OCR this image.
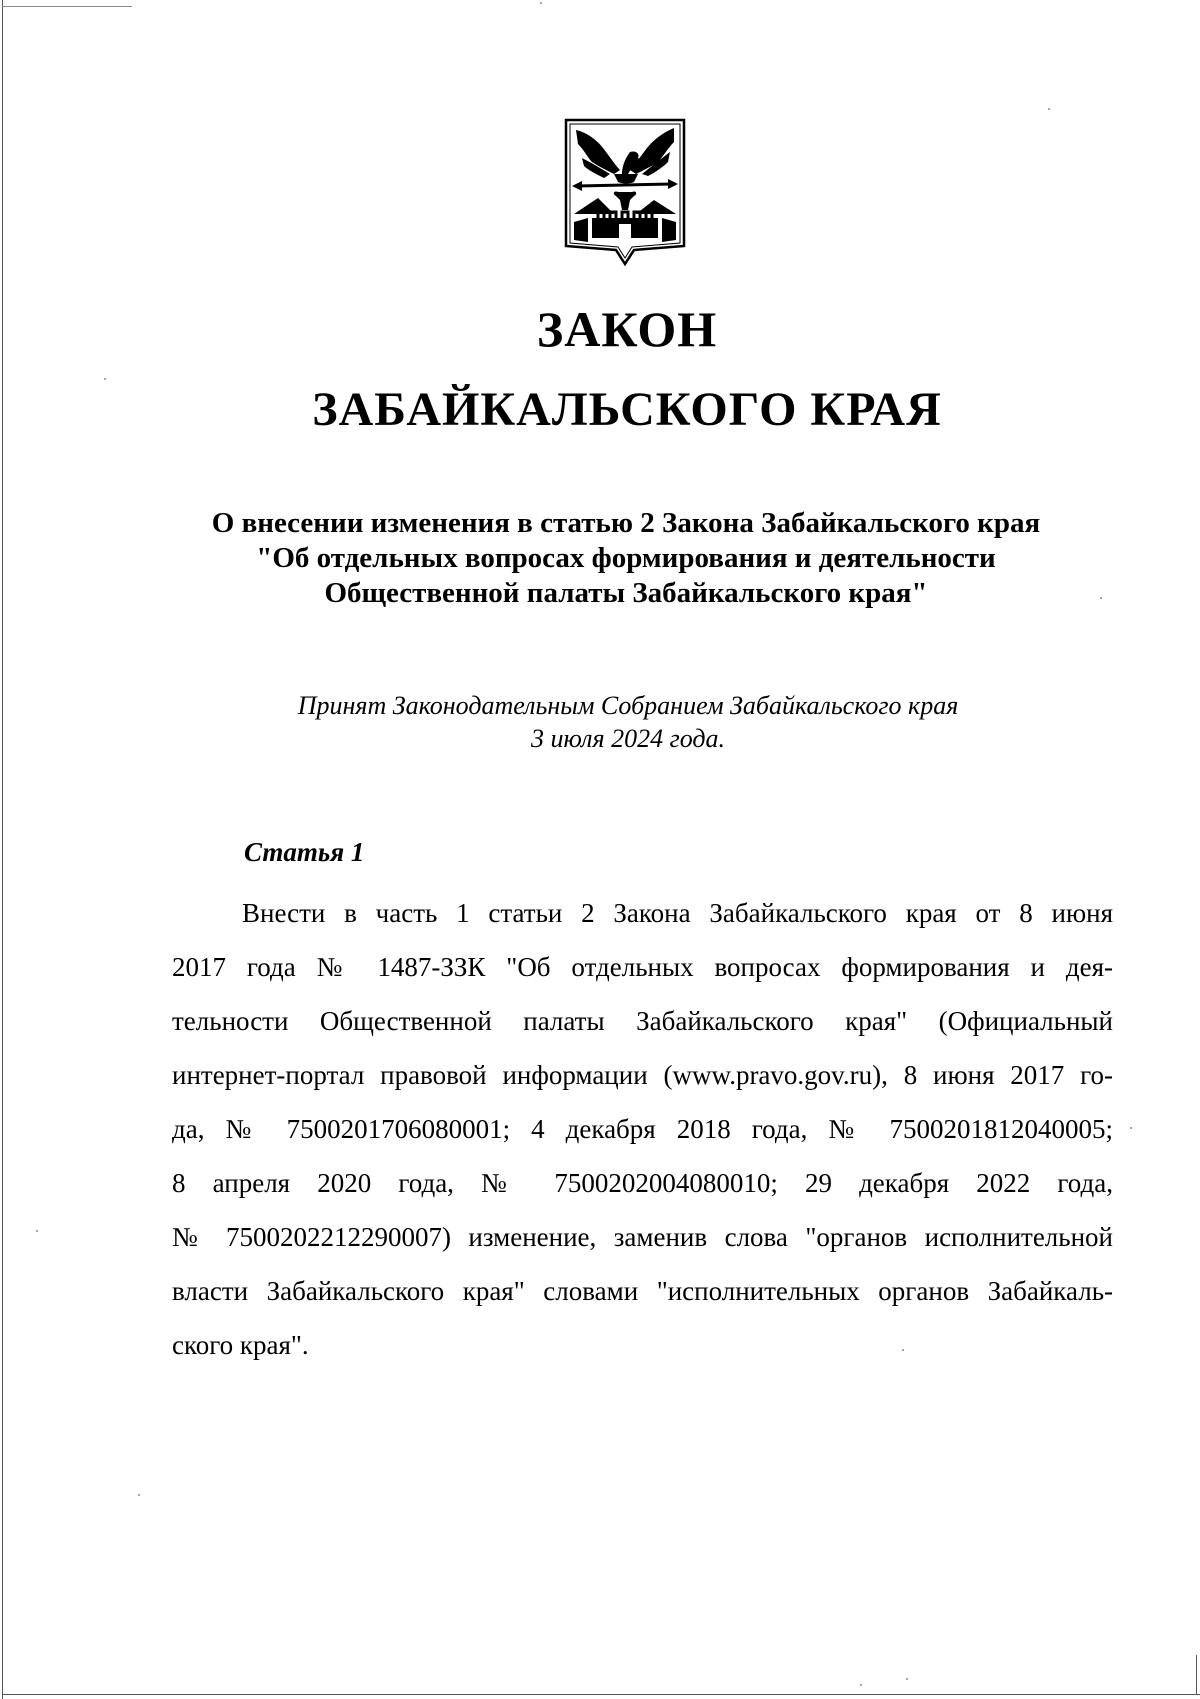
ЗАКОН
ЗАБАЙКАЛЬСКОГО КРАЯ
О внесении изменения в статью 2 Закона Забайкальского края
"Об отдельных вопросах формирования и деятельности
Общественной палаты Забайкальского края"
Принят Законодательным Собранием Забайкальского края
3 июля 2024 года.
Статья 1
Внести в часть 1 статьи 2 Закона Забайкальского края от 8 июня
2017 года № 1487-ЗЗК "Об отдельных вопросах формирования и дея-
тельности Общественной палаты Забайкальского края" (Официальный
интернет-портал правовой информации (www.pravo.gov.ru), 8 июня 2017 го-
да, № 7500201706080001; 4 декабря 2018 года, № 7500201812040005;
8 апреля 2020 года, № 7500202004080010; 29 декабря 2022 года,
№ 7500202212290007) изменение, заменив слова "органов исполнительной
власти Забайкальского края" словами "исполнительных органов Забайкаль-
ского края".
